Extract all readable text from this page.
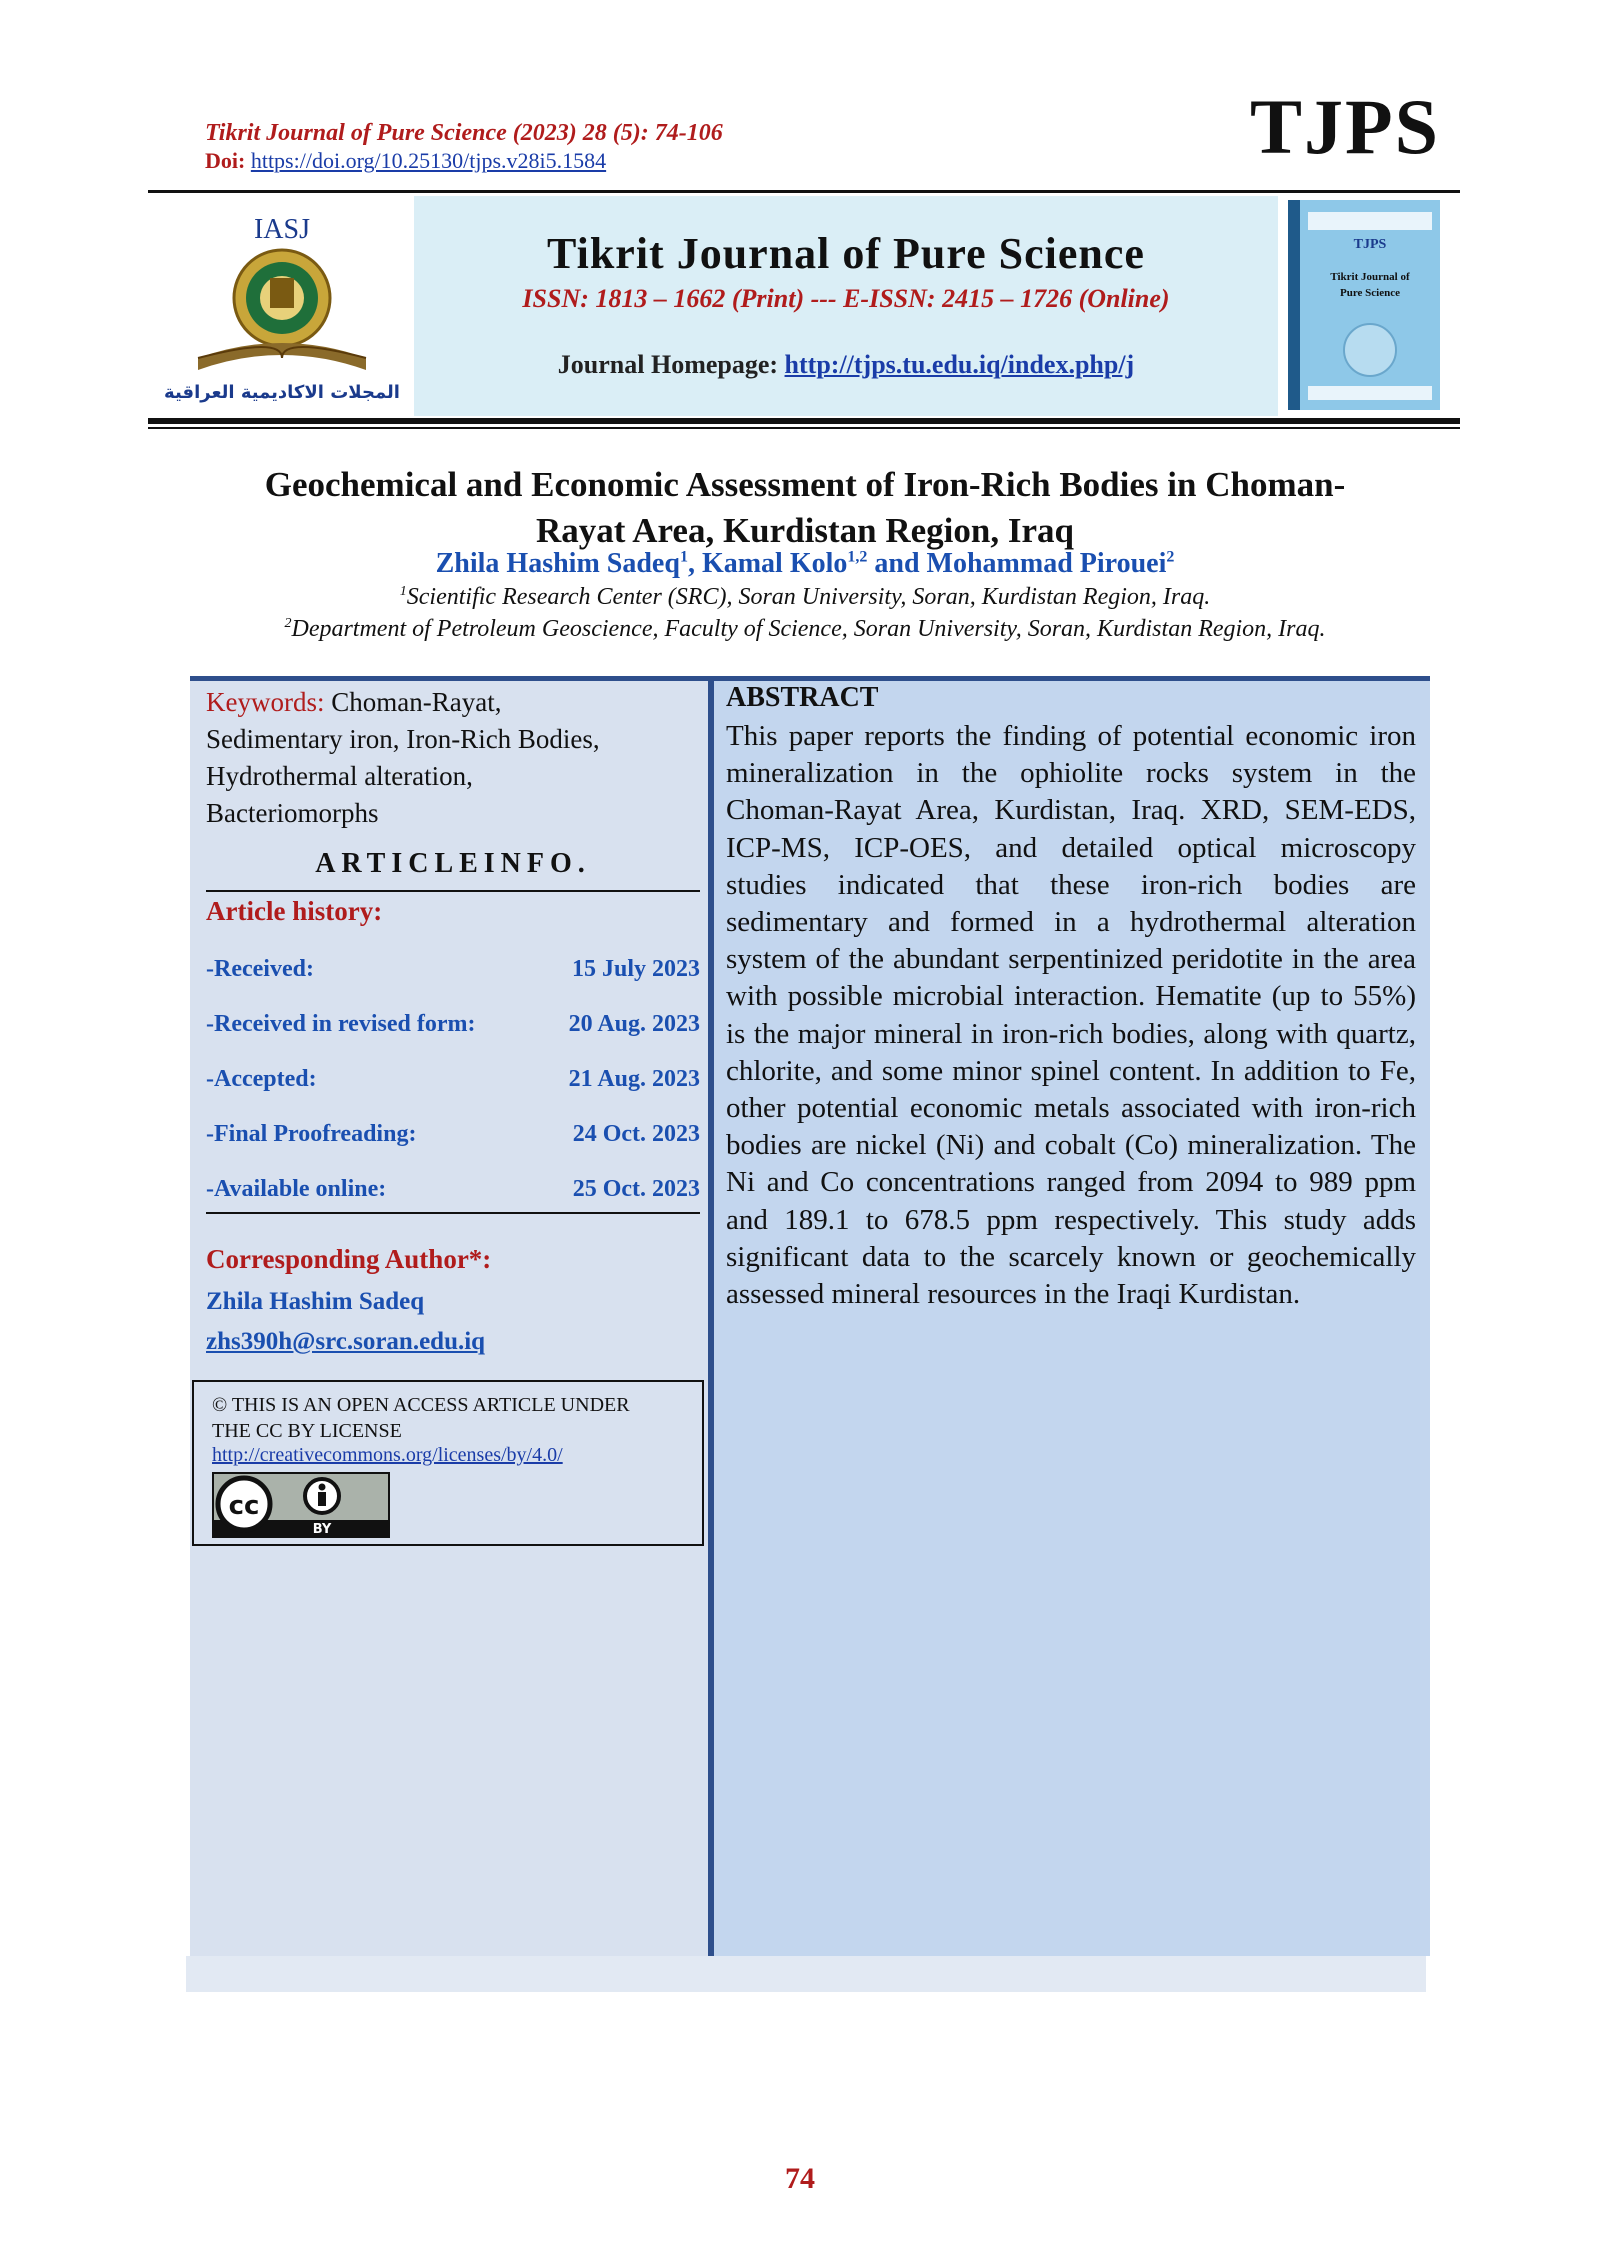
Tikrit Journal of Pure Science (2023) 28 (5): 74-106
Doi: https://doi.org/10.25130/tjps.v28i5.1584	TJPS
IASJ
المجلات الاكاديمية العراقية
Tikrit Journal of Pure Science
ISSN: 1813 – 1662 (Print) --- E-ISSN: 2415 – 1726 (Online)
Journal Homepage: http://tjps.tu.edu.iq/index.php/j
TJPS
Tikrit Journal of
Pure Science
Geochemical and Economic Assessment of Iron-Rich Bodies in Choman-
Rayat Area, Kurdistan Region, Iraq
Zhila Hashim Sadeq$^1$, Kamal Kolo$^{1,2}$ and Mohammad Pirouei$^2$
$^1$Scientific Research Center (SRC), Soran University, Soran, Kurdistan Region, Iraq.
$^2$Department of Petroleum Geoscience, Faculty of Science, Soran University, Soran, Kurdistan Region, Iraq.
Keywords: Choman-Rayat,
Sedimentary iron, Iron-Rich Bodies,
Hydrothermal alteration,
Bacteriomorphs
ARTICLEINFO.
Article history:
-Received:	15 July 2023
-Received in revised form:	20 Aug. 2023
-Accepted:	21 Aug. 2023
-Final Proofreading:	24 Oct. 2023
-Available online:	25 Oct. 2023
Corresponding Author*:
Zhila Hashim Sadeq
zhs390h@src.soran.edu.iq
© THIS IS AN OPEN ACCESS ARTICLE UNDER
THE CC BY LICENSE
http://creativecommons.org/licenses/by/4.0/
cc
BY
ABSTRACT
This paper reports the finding of potential economic iron mineralization in the ophiolite rocks system in the Choman-Rayat Area, Kurdistan, Iraq. XRD, SEM-EDS, ICP-MS, ICP-OES, and detailed optical microscopy studies indicated that these iron-rich bodies are sedimentary and formed in a hydrothermal alteration system of the abundant serpentinized peridotite in the area with possible microbial interaction. Hematite (up to 55%) is the major mineral in iron-rich bodies, along with quartz, chlorite, and some minor spinel content. In addition to Fe, other potential economic metals associated with iron-rich bodies are nickel (Ni) and cobalt (Co) mineralization. The Ni and Co concentrations ranged from 2094 to 989 ppm and 189.1 to 678.5 ppm respectively. This study adds significant data to the scarcely known or geochemically assessed mineral resources in the Iraqi Kurdistan.
74
